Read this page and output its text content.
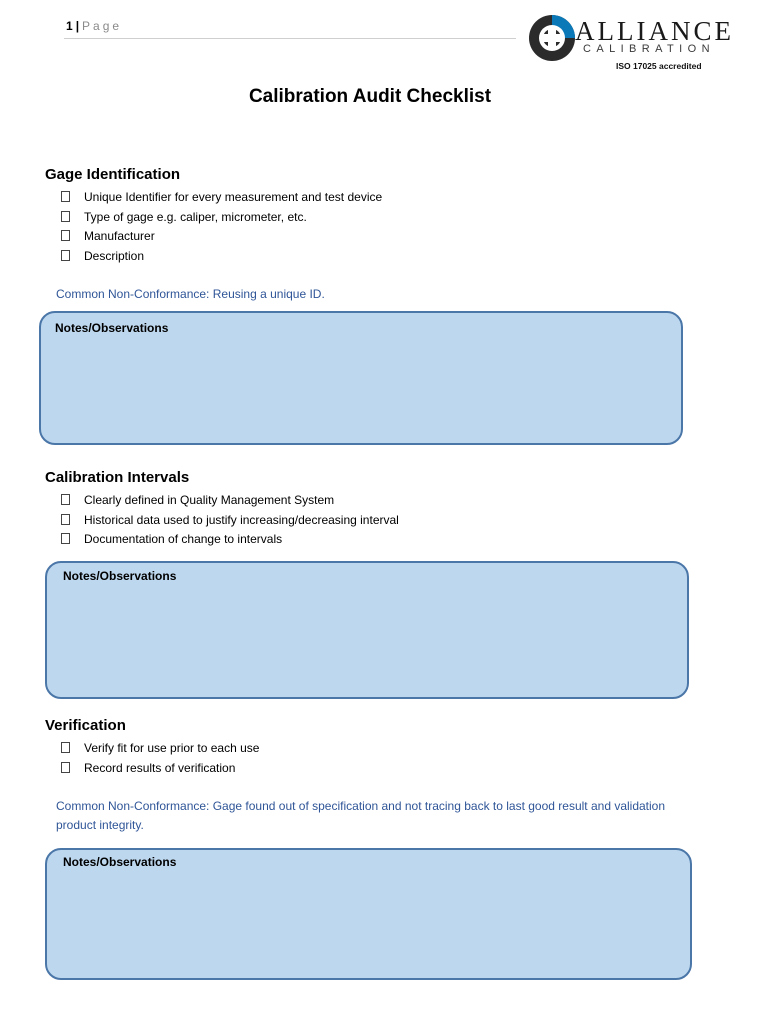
1 | Page	ALLIANCE
CALIBRATION
ISO 17025 accredited
Calibration Audit Checklist
Gage Identification
Unique Identifier for every measurement and test device
Type of gage e.g. caliper, micrometer, etc.
Manufacturer
Description
Common Non-Conformance: Reusing a unique ID.
Notes/Observations
Calibration Intervals
Clearly defined in Quality Management System
Historical data used to justify increasing/decreasing interval
Documentation of change to intervals
Notes/Observations
Verification
Verify fit for use prior to each use
Record results of verification
Common Non-Conformance: Gage found out of specification and not tracing back to last good result and validation
product integrity.
Notes/Observations
